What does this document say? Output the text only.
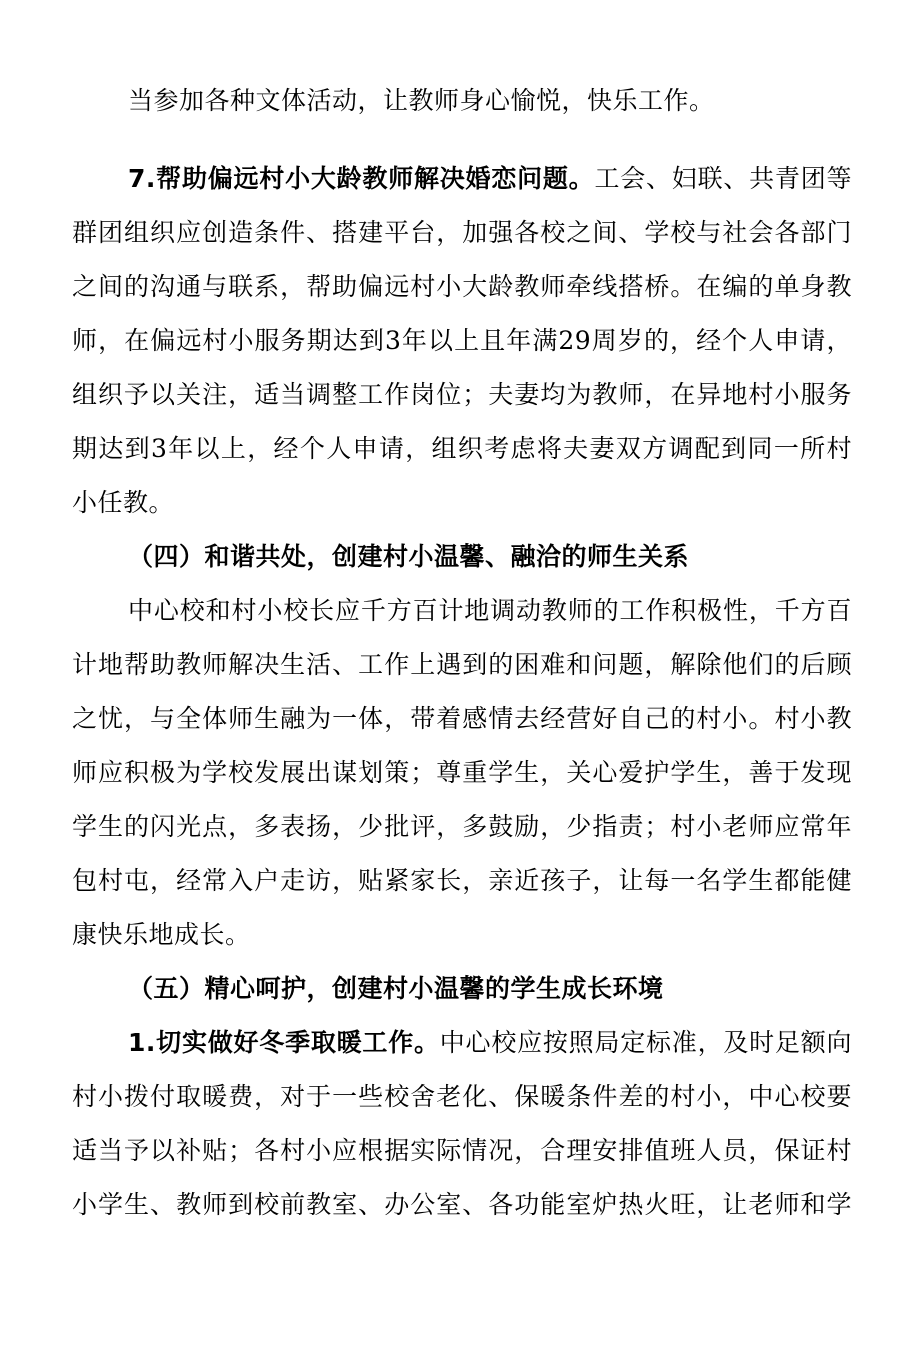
当参加各种文体活动，让教师身心愉悦，快乐工作。
7.帮助偏远村小大龄教师解决婚恋问题。工会、妇联、共青团等
群团组织应创造条件、搭建平台，加强各校之间、学校与社会各部门
之间的沟通与联系，帮助偏远村小大龄教师牵线搭桥。在编的单身教
师，在偏远村小服务期达到3年以上且年满29周岁的，经个人申请，
组织予以关注，适当调整工作岗位；夫妻均为教师，在异地村小服务
期达到3年以上，经个人申请，组织考虑将夫妻双方调配到同一所村
小任教。
（四）和谐共处，创建村小温馨、融洽的师生关系
中心校和村小校长应千方百计地调动教师的工作积极性，千方百
计地帮助教师解决生活、工作上遇到的困难和问题，解除他们的后顾
之忧，与全体师生融为一体，带着感情去经营好自己的村小。村小教
师应积极为学校发展出谋划策；尊重学生，关心爱护学生，善于发现
学生的闪光点，多表扬，少批评，多鼓励，少指责；村小老师应常年
包村屯，经常入户走访，贴紧家长，亲近孩子，让每一名学生都能健
康快乐地成长。
（五）精心呵护，创建村小温馨的学生成长环境
1.切实做好冬季取暖工作。中心校应按照局定标准，及时足额向
村小拨付取暖费，对于一些校舍老化、保暖条件差的村小，中心校要
适当予以补贴；各村小应根据实际情况，合理安排值班人员，保证村
小学生、教师到校前教室、办公室、各功能室炉热火旺，让老师和学
